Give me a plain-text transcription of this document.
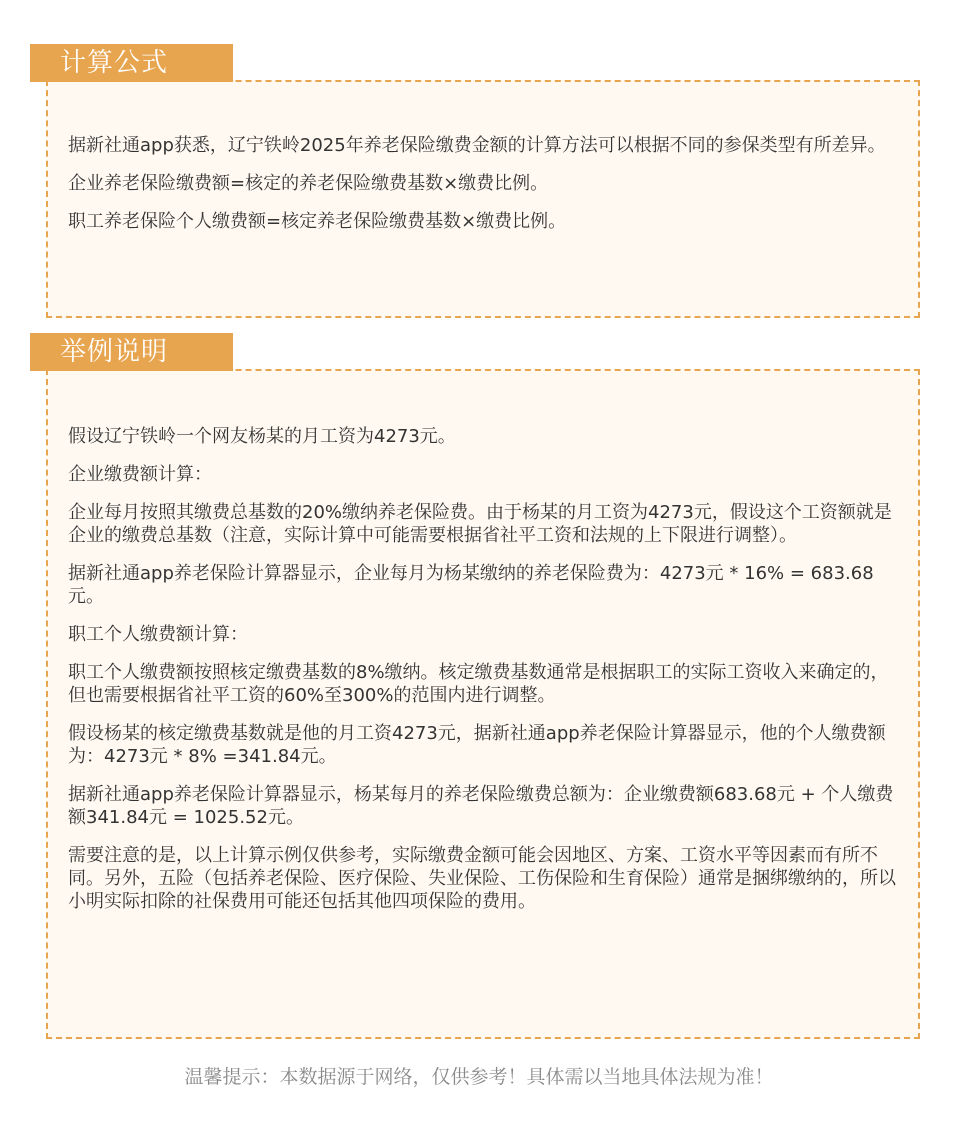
计算公式

据新社通app获悉，辽宁铁岭2025年养老保险缴费金额的计算方法可以根据不同的参保类型有所差异。

企业养老保险缴费额=核定的养老保险缴费基数×缴费比例。

职工养老保险个人缴费额=核定养老保险缴费基数×缴费比例。

举例说明

假设辽宁铁岭一个网友杨某的月工资为4273元。

企业缴费额计算：

企业每月按照其缴费总基数的20%缴纳养老保险费。由于杨某的月工资为4273元，假设这个工资额就是企业的缴费总基数（注意，实际计算中可能需要根据省社平工资和法规的上下限进行调整）。

据新社通app养老保险计算器显示，企业每月为杨某缴纳的养老保险费为：4273元 * 16% = 683.68元。

职工个人缴费额计算：

职工个人缴费额按照核定缴费基数的8%缴纳。核定缴费基数通常是根据职工的实际工资收入来确定的，但也需要根据省社平工资的60%至300%的范围内进行调整。

假设杨某的核定缴费基数就是他的月工资4273元，据新社通app养老保险计算器显示，他的个人缴费额为：4273元 * 8% =341.84元。

据新社通app养老保险计算器显示，杨某每月的养老保险缴费总额为：企业缴费额683.68元 + 个人缴费额341.84元 = 1025.52元。

需要注意的是，以上计算示例仅供参考，实际缴费金额可能会因地区、方案、工资水平等因素而有所不同。另外，五险（包括养老保险、医疗保险、失业保险、工伤保险和生育保险）通常是捆绑缴纳的，所以小明实际扣除的社保费用可能还包括其他四项保险的费用。

温馨提示：本数据源于网络，仅供参考！具体需以当地具体法规为准！
